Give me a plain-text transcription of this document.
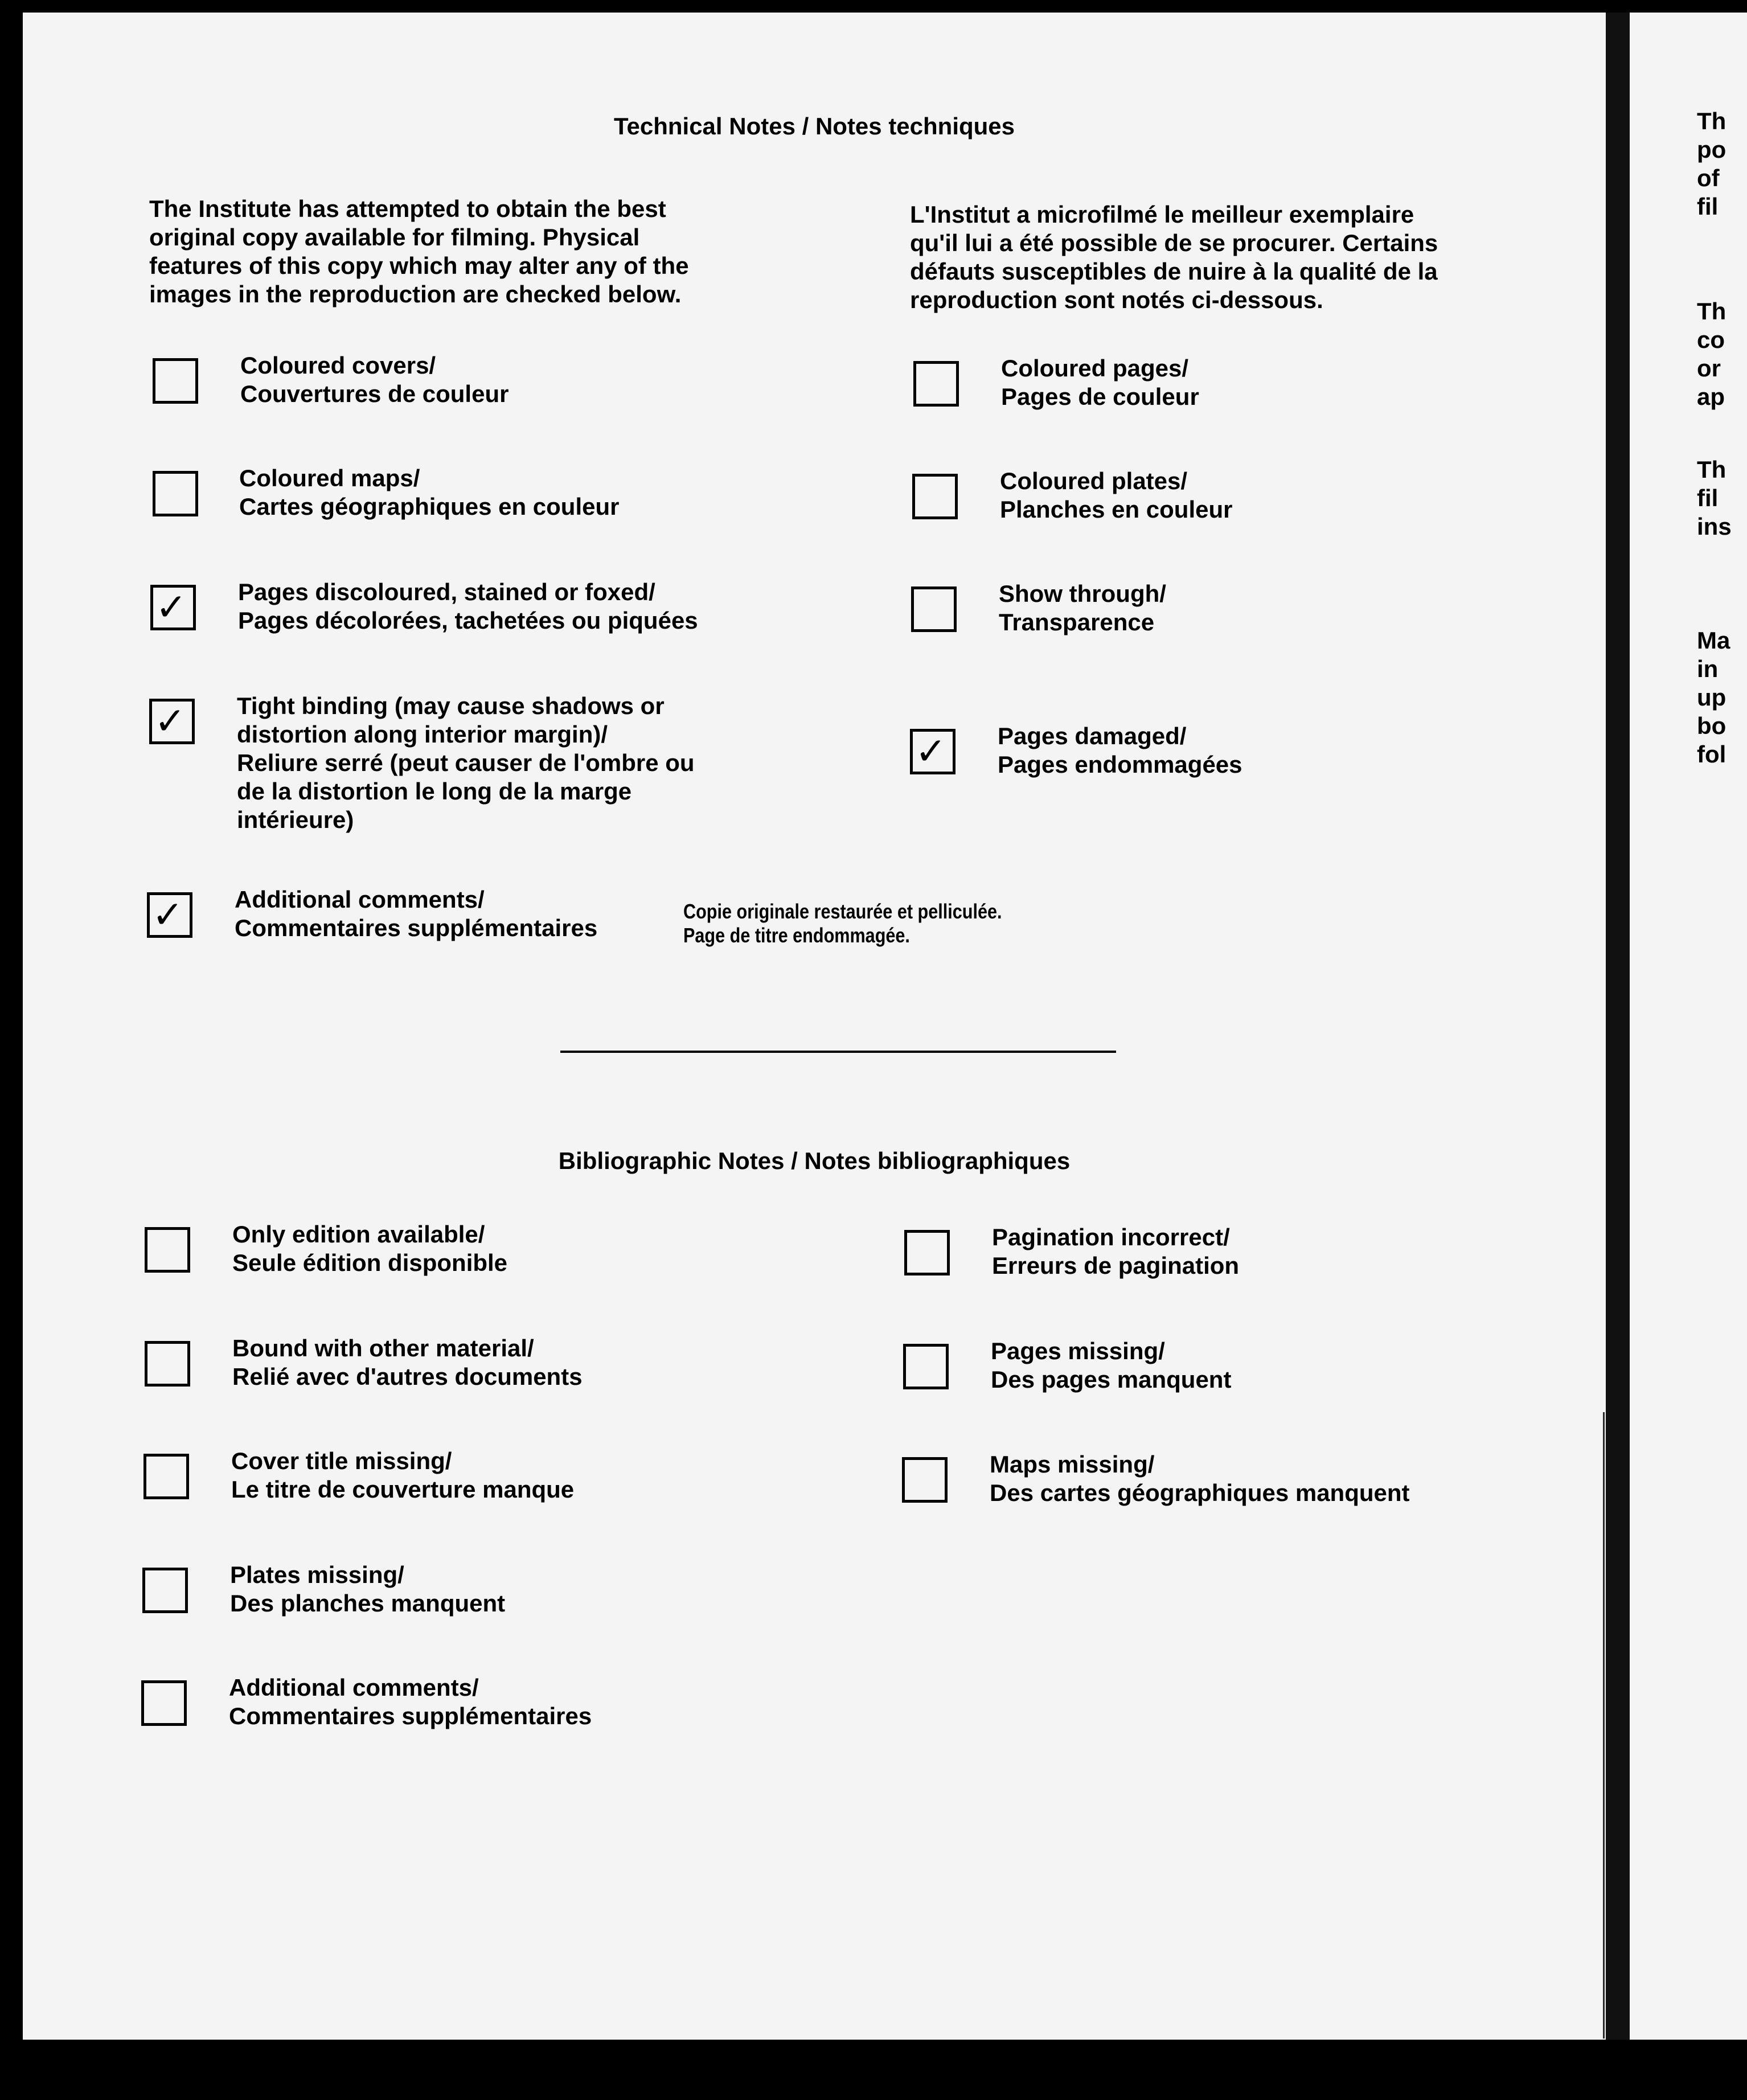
Technical Notes / Notes techniques
The Institute has attempted to obtain the best
original copy available for filming. Physical
features of this copy which may alter any of the
images in the reproduction are checked below.
L'Institut a microfilmé le meilleur exemplaire
qu'il lui a été possible de se procurer. Certains
défauts susceptibles de nuire à la qualité de la
reproduction sont notés ci-dessous.
Coloured covers/
Couvertures de couleur
Coloured maps/
Cartes géographiques en couleur
✓ Pages discoloured, stained or foxed/
Pages décolorées, tachetées ou piquées
✓ Tight binding (may cause shadows or
distortion along interior margin)/
Reliure serré (peut causer de l'ombre ou
de la distortion le long de la marge
intérieure)
✓ Additional comments/
Commentaires supplémentaires
Copie originale restaurée et pelliculée.
Page de titre endommagée.
Coloured pages/
Pages de couleur
Coloured plates/
Planches en couleur
Show through/
Transparence
✓ Pages damaged/
Pages endommagées
Bibliographic Notes / Notes bibliographiques
Only edition available/
Seule édition disponible
Bound with other material/
Relié avec d'autres documents
Cover title missing/
Le titre de couverture manque
Plates missing/
Des planches manquent
Additional comments/
Commentaires supplémentaires
Pagination incorrect/
Erreurs de pagination
Pages missing/
Des pages manquent
Maps missing/
Des cartes géographiques manquent
Th
po
of
fil
Th
co
or
ap
Th
fil
ins
Ma
in
up
bo
fol
